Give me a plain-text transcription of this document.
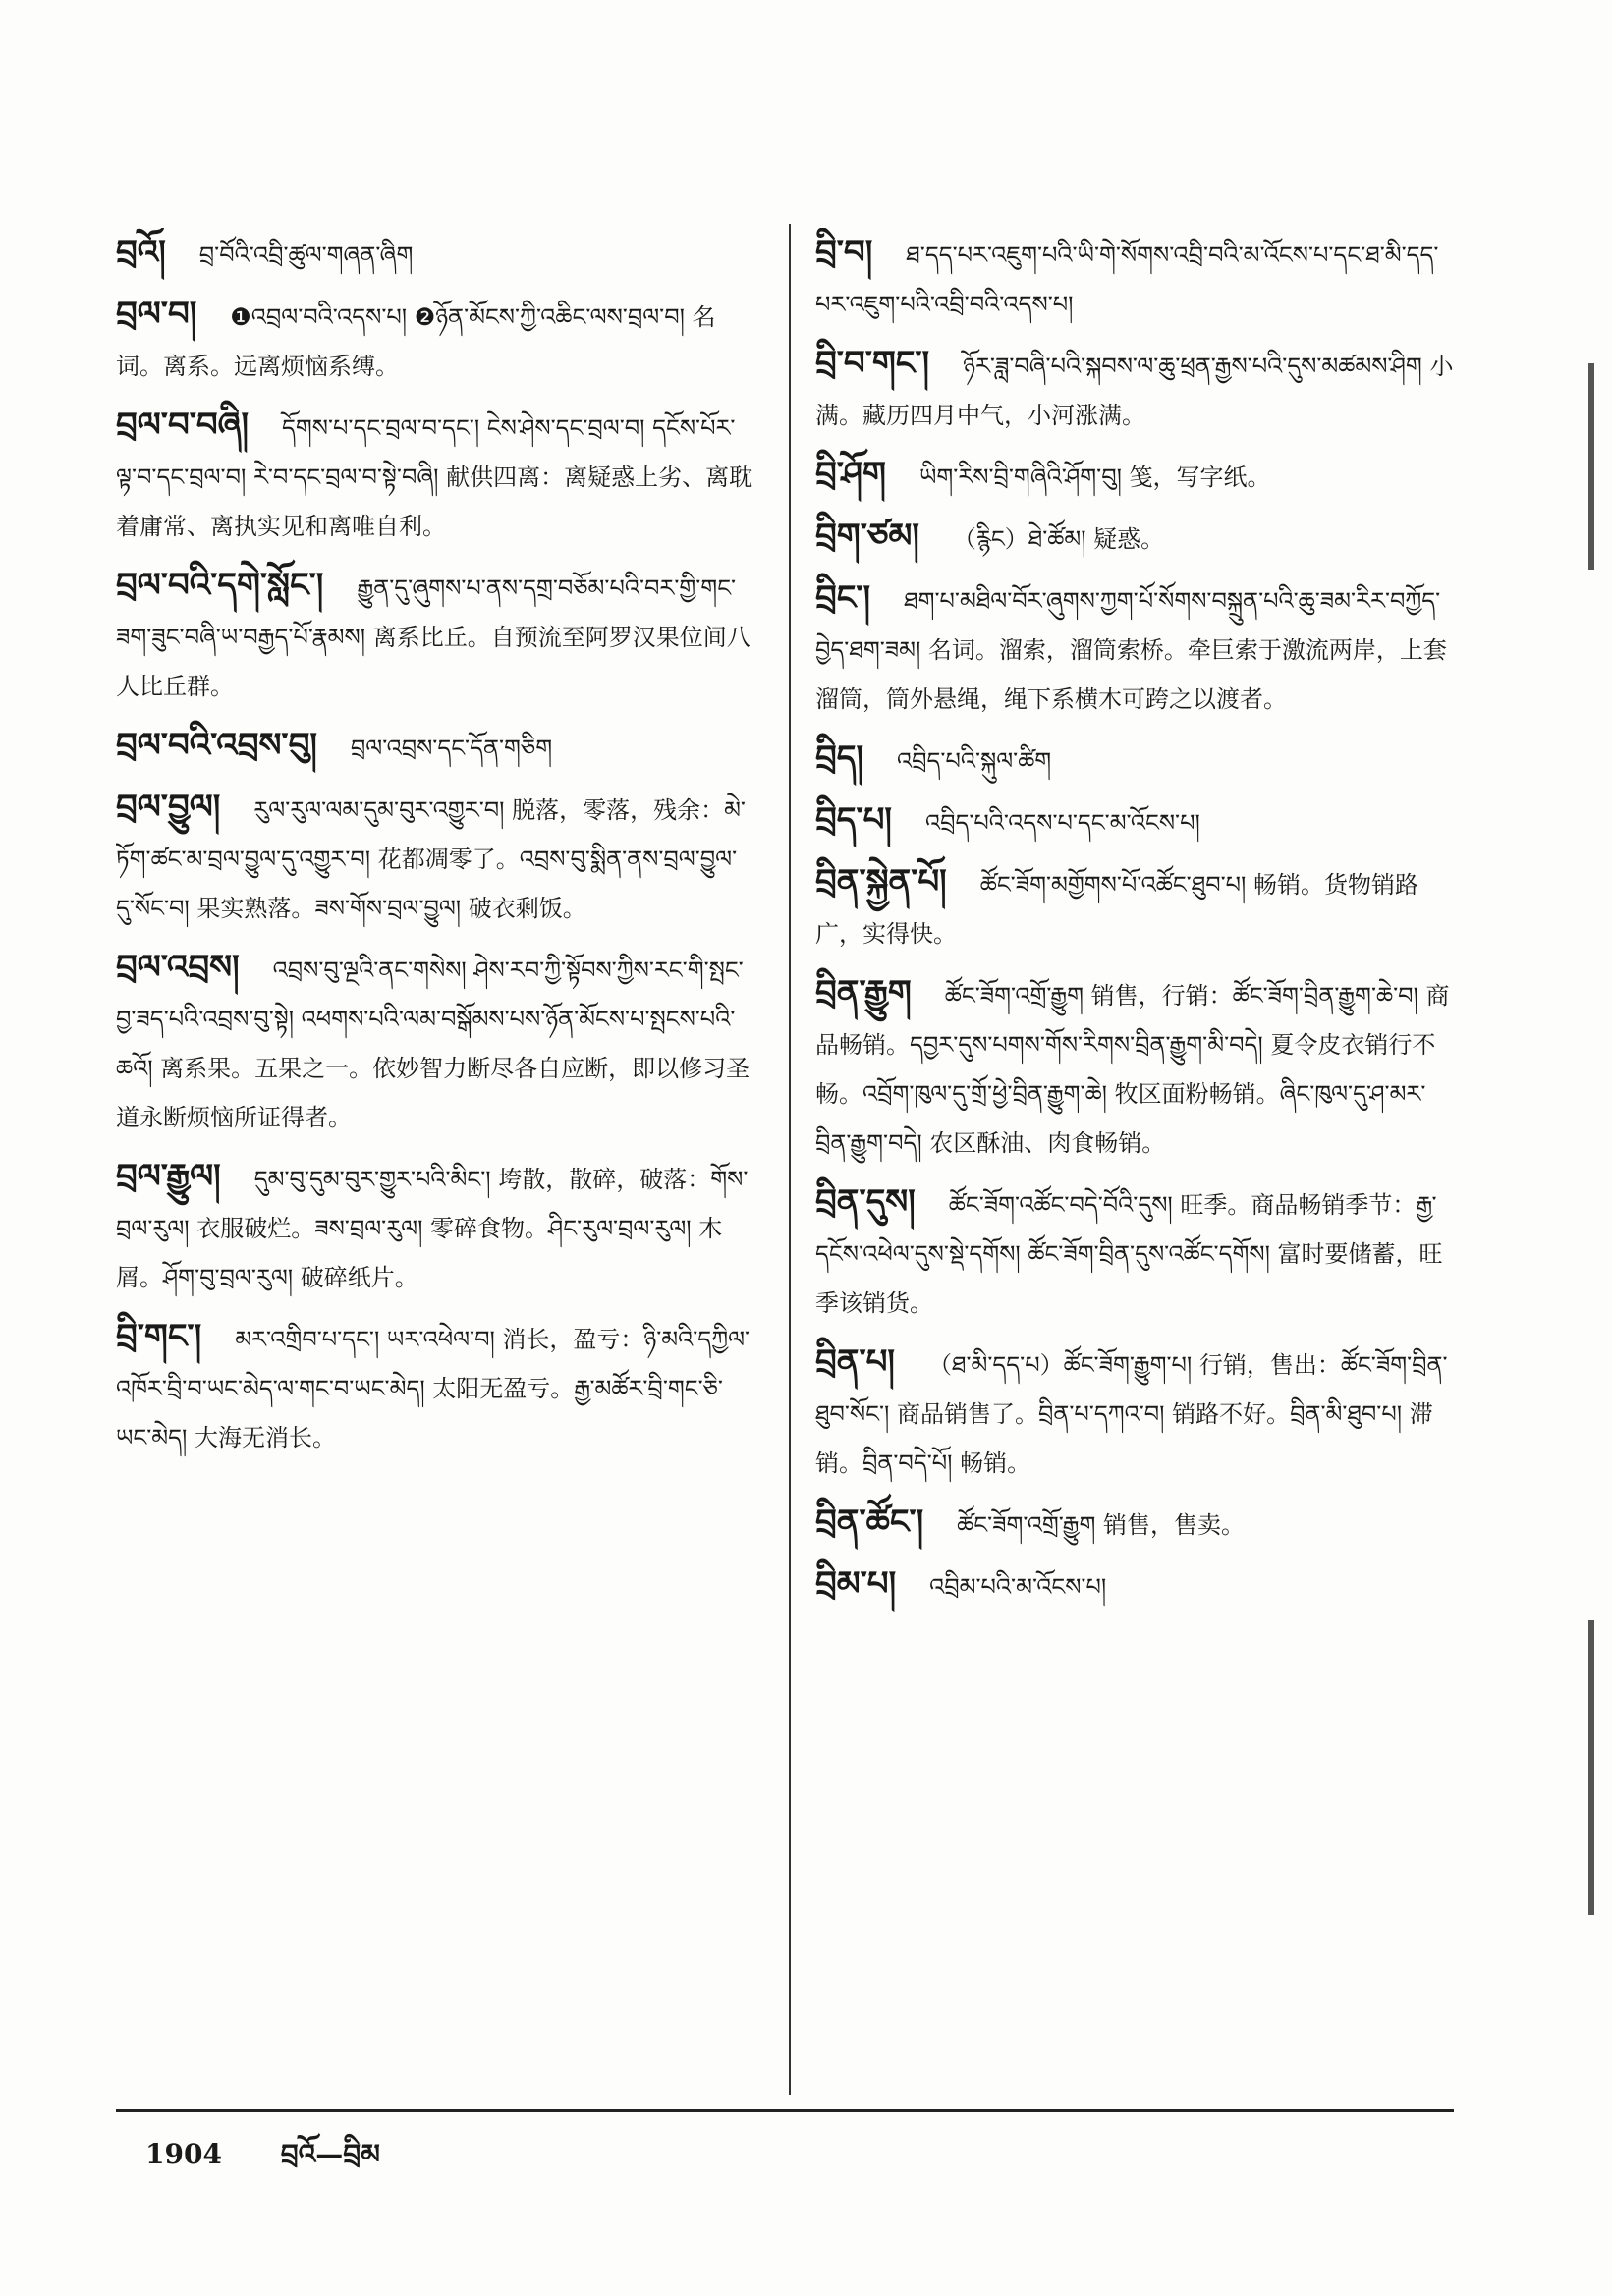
བྲའོ། བྲ་བོའི་འབྲི་ཚུལ་གཞན་ཞིག
བྲལ་བ། ❶འབྲལ་བའི་འདས་པ། ❷ཉོན་མོངས་ཀྱི་འཆིང་ལས་བྲལ་བ། 名词。离系。远离烦恼系缚。
བྲལ་བ་བཞི། དོགས་པ་དང་བྲལ་བ་དང་། ངེས་ཤེས་དང་བྲལ་བ། དངོས་པོར་ལྟ་བ་དང་བྲལ་བ། རེ་བ་དང་བྲལ་བ་སྟེ་བཞི། 献供四离：离疑惑上劣、离耽着庸常、离执实见和离唯自利。
བྲལ་བའི་དགེ་སློང་། རྒྱུན་དུ་ཞུགས་པ་ནས་དགྲ་བཅོམ་པའི་བར་གྱི་གང་ཟག་ཟུང་བཞི་ཡ་བརྒྱད་པོ་རྣམས། 离系比丘。自预流至阿罗汉果位间八人比丘群。
བྲལ་བའི་འབྲས་བུ། བྲལ་འབྲས་དང་དོན་གཅིག
བྲལ་བྱུལ། རུལ་རུལ་ལམ་དུམ་བུར་འགྱུར་བ། 脱落，零落，残余：མེ་ཏོག་ཚང་མ་བྲལ་བྱུལ་དུ་འགྱུར་བ། 花都凋零了。འབྲས་བུ་སྨིན་ནས་བྲལ་བྱུལ་དུ་སོང་བ། 果实熟落。ཟས་གོས་བྲལ་བྱུལ། 破衣剩饭。
བྲལ་འབྲས། འབྲས་བུ་ལྔའི་ནང་གསེས། ཤེས་རབ་ཀྱི་སྟོབས་ཀྱིས་རང་གི་སྤང་བྱ་ཟད་པའི་འབྲས་བུ་སྟེ། འཕགས་པའི་ལམ་བསྒོམས་པས་ཉོན་མོངས་པ་སྤངས་པའི་ཆའོ། 离系果。五果之一。依妙智力断尽各自应断，即以修习圣道永断烦恼所证得者。
བྲལ་རྒྱུལ། དུམ་བུ་དུམ་བུར་གྱུར་པའི་མིང་། 垮散，散碎，破落：གོས་བྲལ་རུལ། 衣服破烂。ཟས་བྲལ་རུལ། 零碎食物。ཤིང་རུལ་བྲལ་རུལ། 木屑。ཤོག་བུ་བྲལ་རུལ། 破碎纸片。
བྲི་གང་། མར་འགྲིབ་པ་དང་། ཡར་འཕེལ་བ། 消长，盈亏：ཉི་མའི་དཀྱིལ་འཁོར་བྲི་བ་ཡང་མེད་ལ་གང་བ་ཡང་མེད། 太阳无盈亏。རྒྱ་མཚོར་བྲི་གང་ཅི་ཡང་མེད། 大海无消长。
བྲི་བ། ཐ་དད་པར་འཇུག་པའི་ཡི་གེ་སོགས་འབྲི་བའི་མ་འོངས་པ་དང་ཐ་མི་དད་པར་འཇུག་པའི་འབྲི་བའི་འདས་པ།
བྲི་བ་གང་། ཉོར་ཟླ་བཞི་པའི་སྐབས་ལ་ཆུ་ཕྲན་རྒྱས་པའི་དུས་མཚམས་ཤིག 小满。藏历四月中气，小河涨满。
བྲི་ཤོག ཡིག་རིས་བྲི་གཞིའི་ཤོག་བུ། 笺，写字纸。
བྲིག་ཙམ། （རྙིང）ཐེ་ཚོམ། 疑惑。
བྲིང་། ཐག་པ་མཐིལ་བོར་ཞུགས་ཀྱག་པོ་སོགས་བསྐྲུན་པའི་ཆུ་ཟམ་རིར་བཀྱོད་བྱེད་ཐག་ཟམ། 名词。溜索，溜筒索桥。牵巨索于激流两岸，上套溜筒，筒外悬绳，绳下系横木可跨之以渡者。
བྲིད། འབྲིད་པའི་སྐུལ་ཚིག
བྲིད་པ། འབྲིད་པའི་འདས་པ་དང་མ་འོངས་པ།
བྲིན་སྐྱེན་པོ། ཚོང་ཟོག་མགྱོགས་པོ་འཚོང་ཐུབ་པ། 畅销。货物销路广，实得快。
བྲིན་རྒྱུག ཚོང་ཟོག་འགྲོ་རྒྱུག 销售，行销：ཚོང་ཟོག་བྲིན་རྒྱུག་ཆེ་བ། 商品畅销。དབྱར་དུས་པགས་གོས་རིགས་བྲིན་རྒྱུག་མི་བདེ། 夏令皮衣销行不畅。འབྲོག་ཁུལ་དུ་གྲོ་ཕྱེ་བྲིན་རྒྱུག་ཆེ། 牧区面粉畅销。ཞིང་ཁུལ་དུ་ཤ་མར་བྲིན་རྒྱུག་བདེ། 农区酥油、肉食畅销。
བྲིན་དུས། ཚོང་ཟོག་འཚོང་བདེ་བོའི་དུས། 旺季。商品畅销季节：རྒྱ་དངོས་འཕེལ་དུས་སྡེ་དགོས། ཚོང་ཟོག་བྲིན་དུས་འཚོང་དགོས། 富时要储蓄，旺季该销货。
བྲིན་པ། （ཐ་མི་དད་པ）ཚོང་ཟོག་རྒྱུག་པ། 行销，售出：ཚོང་ཟོག་བྲིན་ཐུབ་སོང་། 商品销售了。བྲིན་པ་དཀའ་བ། 销路不好。བྲིན་མི་ཐུབ་པ། 滞销。བྲིན་བདེ་པོ། 畅销。
བྲིན་ཚོང་། ཚོང་ཟོག་འགྲོ་རྒྱུག 销售，售卖。
བྲིམ་པ། འབྲིམ་པའི་མ་འོངས་པ།
1904 བྲའོ—བྲིམ
